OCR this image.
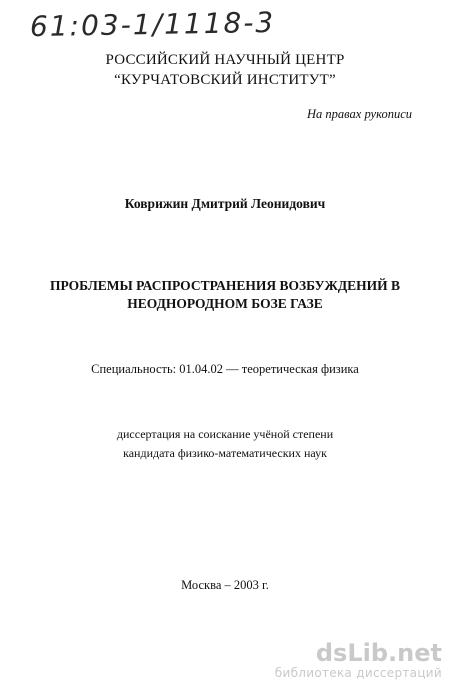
61:03-1/1118-3
РОССИЙСКИЙ НАУЧНЫЙ ЦЕНТР
“КУРЧАТОВСКИЙ ИНСТИТУТ”
На правах рукописи
Коврижин Дмитрий Леонидович
ПРОБЛЕМЫ РАСПРОСТРАНЕНИЯ ВОЗБУЖДЕНИЙ В
НЕОДНОРОДНОМ БОЗЕ ГАЗЕ
Специальность: 01.04.02 — теоретическая физика
диссертация на соискание учёной степени
кандидата физико-математических наук
Москва – 2003 г.
dsLib.net
библиотека диссертаций
